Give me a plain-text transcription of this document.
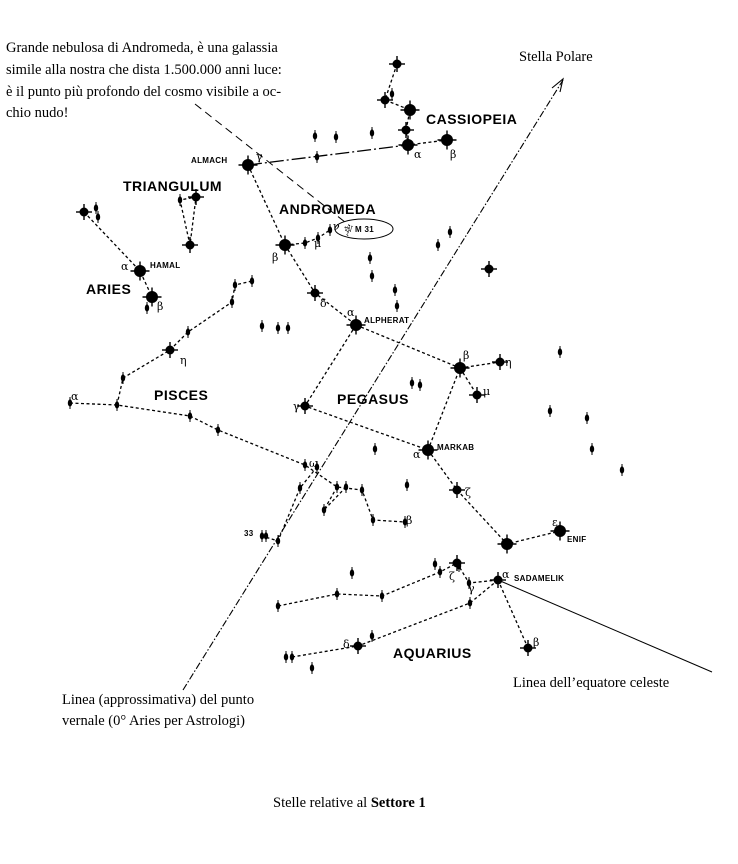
ৠ M 31
CASSIOPEIA
ANDROMEDA
TRIANGULUM
ARIES
PISCES	PEGASUS
AQUARIUS
ALMACH
HAMAL
ALPHERAT
MARKAB
ENIF
SADAMELIK
33
γ	α	β
β
μ
ν
δ
α
α
β
η
α
β
η
μ
γ
α
ζ
ω
β	ε
α
ζ
γ
δ	β
Grande nebulosa di Andromeda, è una galassia
simile alla nostra che dista 1.500.000 anni luce:
è il punto più profondo del cosmo visibile a oc-
chio nudo!
Stella Polare
Linea (approssimativa) del punto
vernale (0° Aries per Astrologi)
Linea dell’equatore celeste
Stelle relative al Settore 1
